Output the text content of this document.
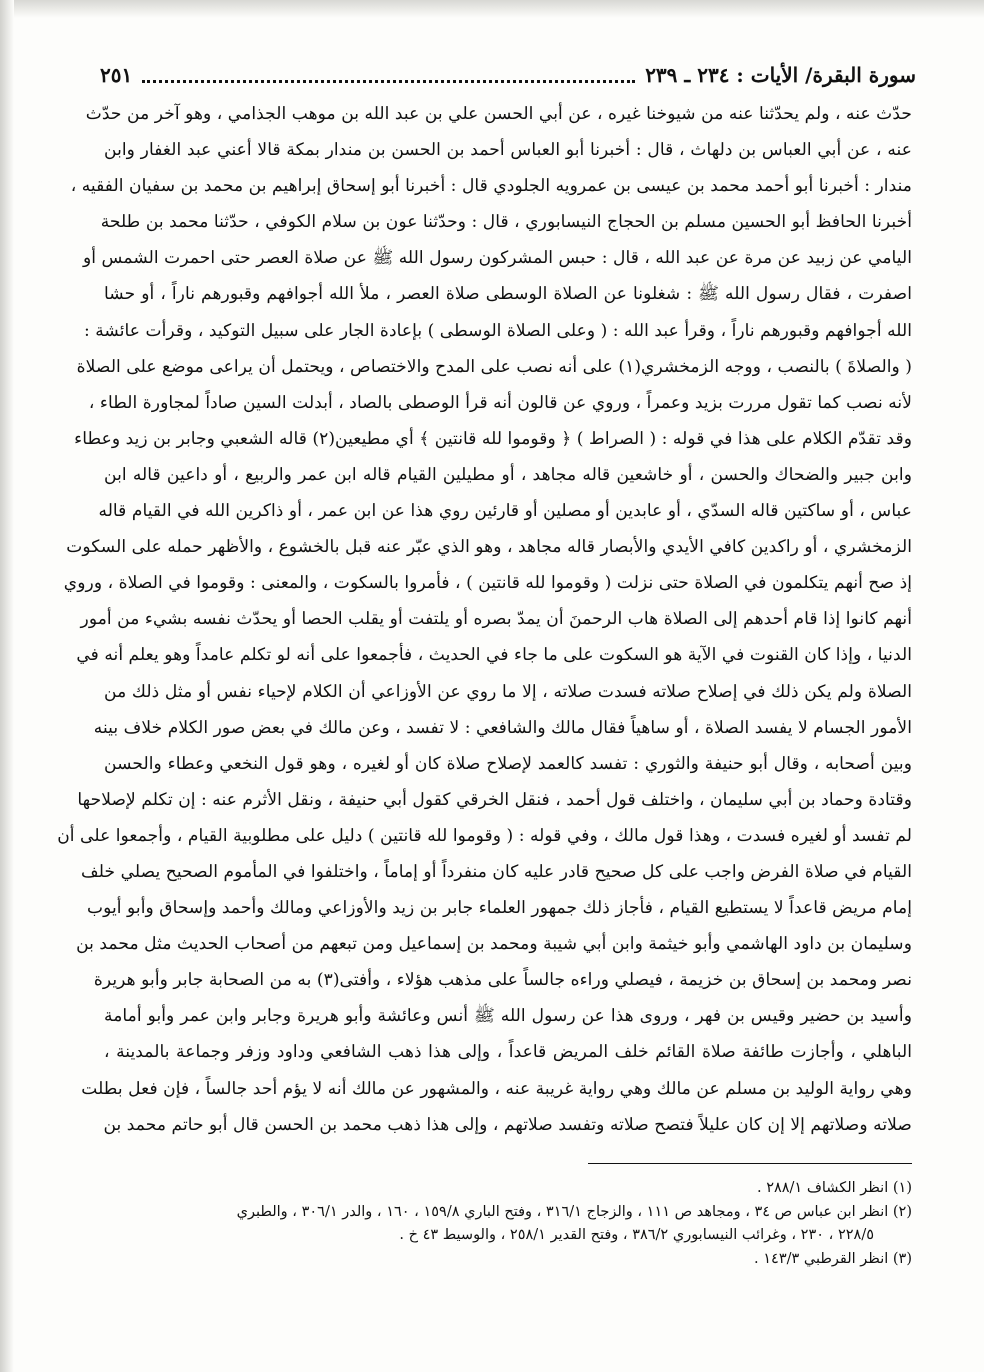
سورة البقرة/ الأيات : ٢٣٤ ـ ٢٣٩
٢٥١
حدّث عنه ، ولم يحدّثنا عنه من شيوخنا غيره ، عن أبي الحسن علي بن عبد الله بن موهب الجذامي ، وهو آخر من حدّث
عنه ، عن أبي العباس بن دلهاث ، قال : أخبرنا أبو العباس أحمد بن الحسن بن مندار بمكة قالا أعني عبد الغفار وابن
مندار : أخبرنا أبو أحمد محمد بن عيسى بن عمرويه الجلودي قال : أخبرنا أبو إسحاق إبراهيم بن محمد بن سفيان الفقيه ،
أخبرنا الحافظ أبو الحسين مسلم بن الحجاج النيسابوري ، قال : وحدّثنا عون بن سلام الكوفي ، حدّثنا محمد بن طلحة
اليامي عن زبيد عن مرة عن عبد الله ، قال : حبس المشركون رسول الله ﷺ عن صلاة العصر حتى احمرت الشمس أو
اصفرت ، فقال رسول الله ﷺ : شغلونا عن الصلاة الوسطى صلاة العصر ، ملأ الله أجوافهم وقبورهم ناراً ، أو حشا
الله أجوافهم وقبورهم ناراً ، وقرأ عبد الله : ( وعلى الصلاة الوسطى ) بإعادة الجار على سبيل التوكيد ، وقرأت عائشة :
( والصلاةَ ) بالنصب ، ووجه الزمخشري(١) على أنه نصب على المدح والاختصاص ، ويحتمل أن يراعى موضع على الصلاة
لأنه نصب كما تقول مررت بزيد وعمراً ، وروي عن قالون أنه قرأ الوصطى بالصاد ، أبدلت السين صاداً لمجاورة الطاء ،
وقد تقدّم الكلام على هذا في قوله : ( الصراط ) ﴿ وقوموا لله قانتين ﴾ أي مطيعين(٢) قاله الشعبي وجابر بن زيد وعطاء
وابن جبير والضحاك والحسن ، أو خاشعين قاله مجاهد ، أو مطيلين القيام قاله ابن عمر والربيع ، أو داعين قاله ابن
عباس ، أو ساكتين قاله السدّي ، أو عابدين أو مصلين أو قارئين روي هذا عن ابن عمر ، أو ذاكرين الله في القيام قاله
الزمخشري ، أو راكدين كافي الأيدي والأبصار قاله مجاهد ، وهو الذي عبّر عنه قبل بالخشوع ، والأظهر حمله على السكوت
إذ صح أنهم يتكلمون في الصلاة حتى نزلت ( وقوموا لله قانتين ) ، فأمروا بالسكوت ، والمعنى : وقوموا في الصلاة ، وروي
أنهم كانوا إذا قام أحدهم إلى الصلاة هاب الرحمنَ أن يمدّ بصره أو يلتفت أو يقلب الحصا أو يحدّث نفسه بشيء من أمور
الدنيا ، وإذا كان القنوت في الآية هو السكوت على ما جاء في الحديث ، فأجمعوا على أنه لو تكلم عامداً وهو يعلم أنه في
الصلاة ولم يكن ذلك في إصلاح صلاته فسدت صلاته ، إلا ما روي عن الأوزاعي أن الكلام لإحياء نفس أو مثل ذلك من
الأمور الجسام لا يفسد الصلاة ، أو ساهياً فقال مالك والشافعي : لا تفسد ، وعن مالك في بعض صور الكلام خلاف بينه
وبين أصحابه ، وقال أبو حنيفة والثوري : تفسد كالعمد لإصلاح صلاة كان أو لغيره ، وهو قول النخعي وعطاء والحسن
وقتادة وحماد بن أبي سليمان ، واختلف قول أحمد ، فنقل الخرقي كقول أبي حنيفة ، ونقل الأثرم عنه : إن تكلم لإصلاحها
لم تفسد أو لغيره فسدت ، وهذا قول مالك ، وفي قوله : ( وقوموا لله قانتين ) دليل على مطلوبية القيام ، وأجمعوا على أن
القيام في صلاة الفرض واجب على كل صحيح قادر عليه كان منفرداً أو إماماً ، واختلفوا في المأموم الصحيح يصلي خلف
إمام مريض قاعداً لا يستطيع القيام ، فأجاز ذلك جمهور العلماء جابر بن زيد والأوزاعي ومالك وأحمد وإسحاق وأبو أيوب
وسليمان بن داود الهاشمي وأبو خيثمة وابن أبي شيبة ومحمد بن إسماعيل ومن تبعهم من أصحاب الحديث مثل محمد بن
نصر ومحمد بن إسحاق بن خزيمة ، فيصلي وراءه جالساً على مذهب هؤلاء ، وأفتى(٣) به من الصحابة جابر وأبو هريرة
وأسيد بن حضير وقيس بن فهر ، وروى هذا عن رسول الله ﷺ أنس وعائشة وأبو هريرة وجابر وابن عمر وأبو أمامة
الباهلي ، وأجازت طائفة صلاة القائم خلف المريض قاعداً ، وإلى هذا ذهب الشافعي وداود وزفر وجماعة بالمدينة ،
وهي رواية الوليد بن مسلم عن مالك وهي رواية غريبة عنه ، والمشهور عن مالك أنه لا يؤم أحد جالساً ، فإن فعل بطلت
صلاته وصلاتهم إلا إن كان عليلاً فتصح صلاته وتفسد صلاتهم ، وإلى هذا ذهب محمد بن الحسن قال أبو حاتم محمد بن
(١) انظر الكشاف ٢٨٨/١ .
(٢) انظر ابن عباس ص ٣٤ ، ومجاهد ص ١١١ ، والزجاج ٣١٦/١ ، وفتح الباري ١٥٩/٨ ، ١٦٠ ، والدر ٣٠٦/١ ، والطبري
٢٢٨/٥ ، ٢٣٠ ، وغرائب النيسابوري ٣٨٦/٢ ، وفتح القدير ٢٥٨/١ ، والوسيط ٤٣ خ .
(٣) انظر القرطبي ١٤٣/٣ .
